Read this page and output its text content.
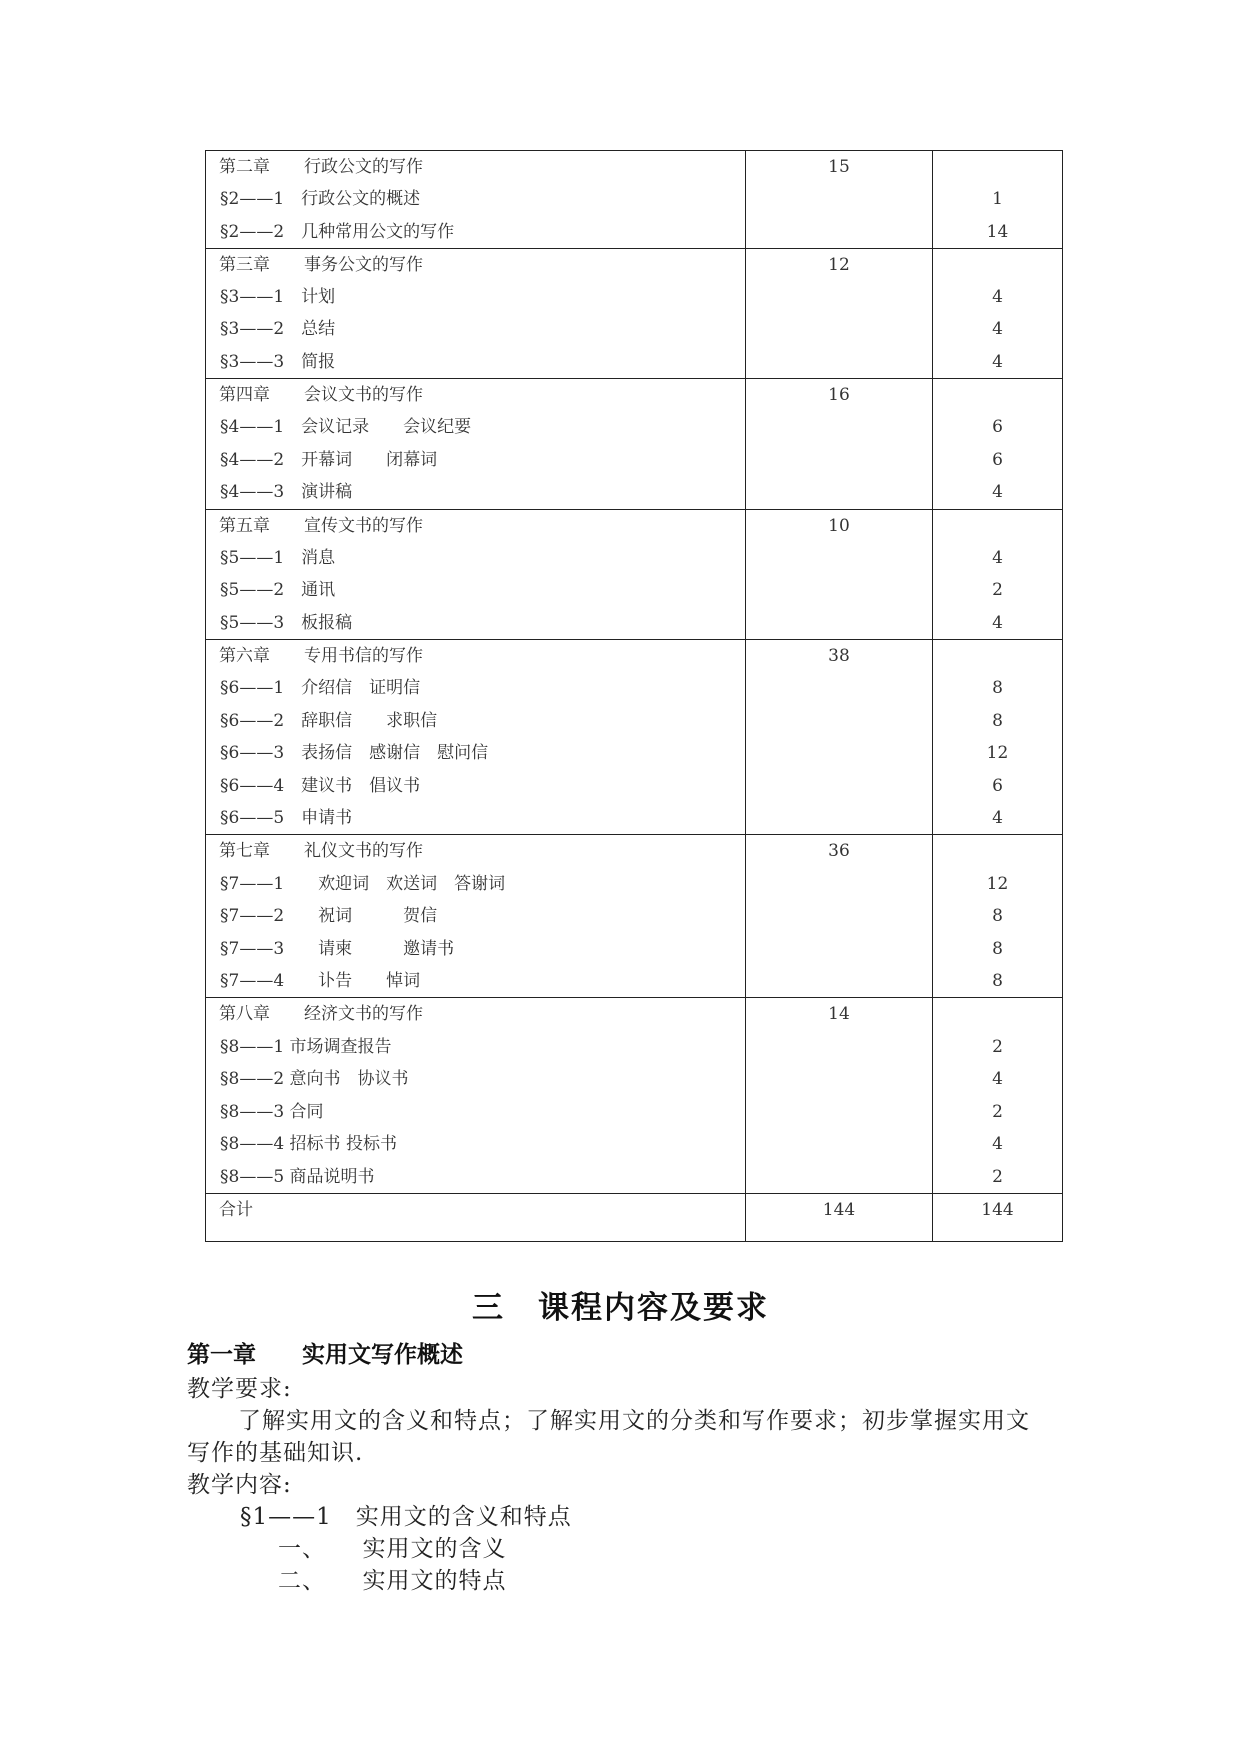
第二章　　行政公文的写作	15	
§2——1　行政公文的概述		1
§2——2　几种常用公文的写作		14
第三章　　事务公文的写作	12	
§3——1　计划		4
§3——2　总结		4
§3——3　简报		4
第四章　　会议文书的写作	16	
§4——1　会议记录　　会议纪要		6
§4——2　开幕词　　闭幕词		6
§4——3　演讲稿		4
第五章　　宣传文书的写作	10	
§5——1　消息		4
§5——2　通讯		2
§5——3　板报稿		4
第六章　　专用书信的写作	38	
§6——1　介绍信　证明信		8
§6——2　辞职信　　求职信		8
§6——3　表扬信　感谢信　慰问信		12
§6——4　建议书　倡议书		6
§6——5　申请书		4
第七章　　礼仪文书的写作	36	
§7——1　　欢迎词　欢送词　答谢词		12
§7——2　　祝词　　　贺信		8
§7——3　　请柬　　　邀请书		8
§7——4　　讣告　　悼词		8
第八章　　经济文书的写作	14	
§8——1 市场调查报告		2
§8——2 意向书　协议书		4
§8——3 合同		2
§8——4 招标书 投标书		4
§8——5 商品说明书		2
合计	144	144
三　课程内容及要求
第一章　　实用文写作概述
教学要求:
了解实用文的含义和特点；了解实用文的分类和写作要求；初步掌握实用文
写作的基础知识.
教学内容:
§1——1　实用文的含义和特点
一、　　实用文的含义
二、　　实用文的特点
